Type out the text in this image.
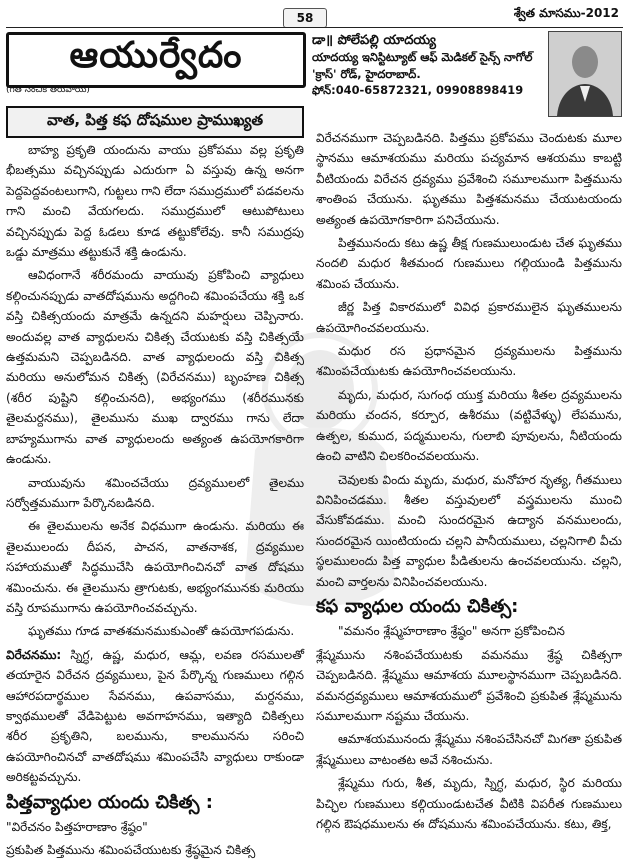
58	శ్వేత మాసము-2012
ఆయుర్వేదం
(గత సంచిక తరువాయి)
డా॥ పోలేపల్లి యాదయ్య
యాదయ్య ఇనిస్టిట్యూట్ ఆఫ్ మెడికల్ సైన్స్ నాగోల్
'క్రాస్' రోడ్, హైదరాబాద్.
ఫోన్:040-65872321, 09908898419
వాత, పిత్త కఫ దోషముల ప్రాముఖ్యత

బాహ్య ప్రకృతి యందును వాయు ప్రకోపము వల్ల ప్రకృతి భీబత్సము వచ్చినప్పుడు ఎదురుగా ఏ వస్తువు ఉన్న అనగా పెద్దపెద్దవంటలుగాని, గుట్టలు గాని లేదా సముద్రములో పడవలను గాని మంచి వేయగలదు. సముద్రములో ఆటుపోటులు వచ్చినప్పుడు పెద్ద ఓడలు కూడ తట్టుకోలేవు. కానీ సముద్రపు ఒడ్డు మాత్రము తట్టుకునే శక్తి ఉండును.

ఆవిధంగానే శరీరమందు వాయువు ప్రకోపించి వ్యాధులు కల్గించునప్పుడు వాతదోషమును అద్దగించి శమింపచేయు శక్తి ఒక వస్తి చికిత్సయందు మాత్రమే ఉన్నదని మహర్షులు చెప్పినారు. అందువల్ల వాత వ్యాధులను చికిత్స చేయుటకు వస్తి చికిత్సయే ఉత్తమమని చెప్పబడినది. వాత వ్యాధులందు వస్తి చికిత్స మరియు అనులోమన చికిత్స (విరేచనము) బృంహణ చికిత్స (శరీర పుష్టిని కల్గించునది), అభ్యంగము (శరీరమునకు తైలమర్దనము), తైలమును ముఖ ద్వారము గాను లేదా బాహ్యముగాను వాత వ్యాధులందు అత్యంత ఉపయోగకారిగా ఉండును.

వాయువును శమించచేయు ద్రవ్యములలో తైలము సర్వోత్తమముగా పేర్కొనబడినది.

ఈ తైలములను అనేక విధముగా ఉండును. మరియు ఈ తైలములందు దీపన, పాచన, వాతనాశక, ద్రవ్యముల సహాయముతో సిద్ధముచేసి ఉపయోగించినచో వాత దోషము శమించును. ఈ తైలమును త్రాగుటకు, అభ్యంగమునకు మరియు వస్తి రూపముగాను ఉపయోగించవచ్చును.

ఘృతము గూడ వాతశమనముకుఎంతో ఉపయోగపడును.

విరేచనము: స్నిగ్ధ, ఉష్ణ, మధుర, ఆమ్ల, లవణ రసములతో తయారైన విరేచన ద్రవ్యములు, పైన పేర్కొన్న గుణములు గల్గిన ఆహారపదార్థముల సేవనము, ఉపవాసము, మర్దనము, క్వాథములతో వేడిపెట్టుట అవగాహనము, ఇత్యాది చికిత్సలు శరీర ప్రకృతిని, బలమును, కాలమునను సరించి ఉపయోగించినచో వాతదోషము శమింపచేసి వ్యాధులు రాకుండా అరికట్టవచ్చును.

పిత్తవ్యాధుల యందు చికిత్స :

"విరేచనం పిత్తహరాణాం శ్రేష్ఠం"

ప్రకుపిత పిత్తమును శమింపచేయుటకు శ్రేష్ఠమైన చికిత్స

విరేచనముగా చెప్పబడినది. పిత్తము ప్రకోపము చెందుటకు మూల స్థానము ఆమాశయము మరియు పచ్యమాన ఆశయము కాబట్టి వీటియందు విరేచన ద్రవ్యము ప్రవేశించి సమూలముగా పిత్తమును శాంతింప చేయును. ఘృతము పిత్తశమనము చేయుటయందు అత్యంత ఉపయోగకారిగా పనిచేయును.

పిత్తమునందు కటు ఉష్ణ తీక్ష గుణములుండుట చేత ఘృతము నందలి మధుర శీతమంద గుణములు గల్గియుండి పిత్తమును శమింప చేయును.

జీర్ణ పిత్త వికారములో వివిధ ప్రకారములైన ఘృతములను ఉపయోగించవలయును.

మధుర రస ప్రధానమైన ద్రవ్యములను పిత్తమును శమింపచేయుటకు ఉపయోగించవలయును.

మృదు, మధుర, సుగంధ యుక్త మరియు శీతల ద్రవ్యములను మరియు చందన, కర్పూర, ఉశీరము (వట్టివేళ్ళు) లేపమును, ఉత్పల, కుముద, పద్మములను, గులాబి పూవులను, నీటియందు ఉంచి వాటిని చిలకరించవలయును.

చెవులకు విందు మృదు, మధుర, మనోహర నృత్య, గీతములు వినిపించడము. శీతల వస్తువులలో వస్త్రములను ముంచి వేసుకోవడము. మంచి సుందరమైన ఉద్యాన వనములందు, సుందరమైన యింటియందు చల్లని పానీయములు, చల్లనిగాలి వీచు స్థలములందు పిత్త వ్యాధుల పీడితులను ఉంచవలయును. చల్లని, మంచి వార్తలను వినిపించవలయును.

కఫ వ్యాధుల యందు చికిత్స:

"వమనం శ్లేష్మహరాణాం శ్రేష్ఠం" అనగా ప్రకోపించిన

శ్లేష్మమును నశింపచేయుటకు వమనము శ్రేష్ఠ చికిత్సగా చెప్పబడినది. శ్లేష్మము ఆమాశయ మూలస్థానముగా చెప్పబడినది. వమనద్రవ్యములు ఆమాశయములో ప్రవేశించి ప్రకుపిత శ్లేష్మమును సమూలముగా నష్టము చేయును.

ఆమాశయమునందు శ్లేష్మము నశింపచేసినచో మిగతా ప్రకుపిత శ్లేష్మములు వాటంతట అవే నశించును.

శ్లేష్మము గురు, శీత, మృదు, స్నిగ్ధ, మధుర, స్థిర మరియు పిచ్ఛిల గుణములు కల్గియుండుటచేత వీటికి విపరీత గుణములు గల్గిన ఔషధములను ఈ దోషమును శమింపచేయును. కటు, తిక్త,
